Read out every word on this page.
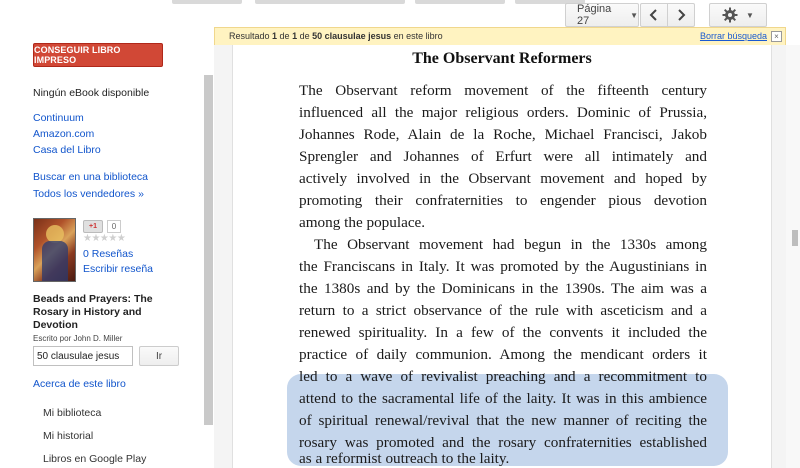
Página 27	▼	▼
Resultado 1 de 1 de 50 clausulae jesus en este libro	Borrar búsqueda ×
CONSEGUIR LIBRO IMPRESO
Ningún eBook disponible
Continuum
Amazon.com
Casa del Libro
Buscar en una biblioteca
Todos los vendedores »
+1	0
★★★★★
0 Reseñas
Escribir reseña
Beads and Prayers: The Rosary in History and Devotion
Escrito por John D. Miller
50 clausulae jesus
Ir
Acerca de este libro
Mi biblioteca
Mi historial
Libros en Google Play
The Observant Reformers
The Observant reform movement of the fifteenth century
influenced all the major religious orders. Dominic of Prussia,
Johannes Rode, Alain de la Roche, Michael Francisci, Jakob
Sprengler and Johannes of Erfurt were all intimately and
actively involved in the Observant movement and hoped by
promoting their confraternities to engender pious devotion
among the populace.
The Observant movement had begun in the 1330s among
the Franciscans in Italy. It was promoted by the Augustinians in
the 1380s and by the Dominicans in the 1390s. The aim was a
return to a strict observance of the rule with asceticism and a
renewed spirituality. In a few of the convents it included the
practice of daily communion. Among the mendicant orders it
led to a wave of revivalist preaching and a recommitment to
attend to the sacramental life of the laity. It was in this ambience
of spiritual renewal/revival that the new manner of reciting the
rosary was promoted and the rosary confraternities established
as a reformist outreach to the laity.
